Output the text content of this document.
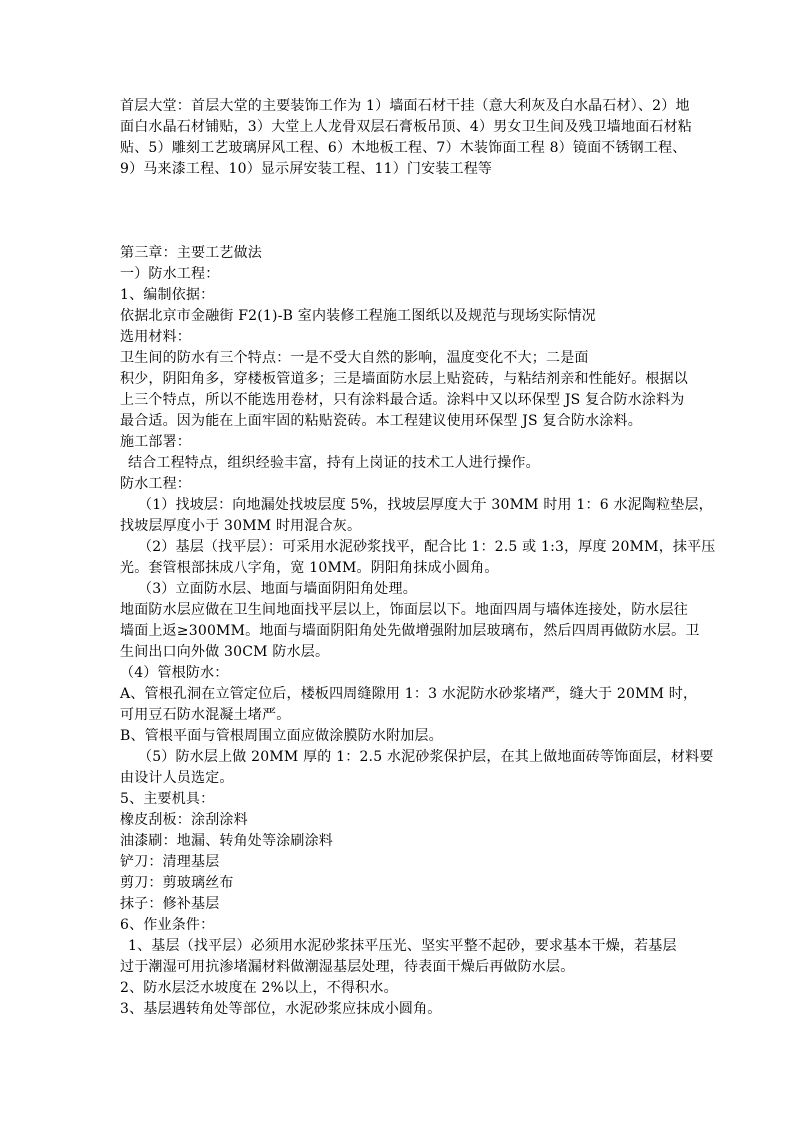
首层大堂：首层大堂的主要装饰工作为 1）墙面石材干挂（意大利灰及白水晶石材）、2）地
面白水晶石材铺贴，3）大堂上人龙骨双层石膏板吊顶、4）男女卫生间及残卫墙地面石材粘
贴、5）雕刻工艺玻璃屏风工程、6）木地板工程、7）木装饰面工程 8）镜面不锈钢工程、
9）马来漆工程、10）显示屏安装工程、11）门安装工程等
第三章：主要工艺做法
一）防水工程：
1、编制依据：
依据北京市金融街 F2(1)-B 室内装修工程施工图纸以及规范与现场实际情况
选用材料：
卫生间的防水有三个特点：一是不受大自然的影响，温度变化不大；二是面
积少，阴阳角多，穿楼板管道多；三是墙面防水层上贴瓷砖，与粘结剂亲和性能好。根据以
上三个特点，所以不能选用卷材，只有涂料最合适。涂料中又以环保型 JS 复合防水涂料为
最合适。因为能在上面牢固的粘贴瓷砖。本工程建议使用环保型 JS 复合防水涂料。
施工部署：
结合工程特点，组织经验丰富，持有上岗证的技术工人进行操作。
防水工程：
（1）找坡层：向地漏处找坡层度 5%，找坡层厚度大于 30MM 时用 1：6 水泥陶粒垫层，
找坡层厚度小于 30MM 时用混合灰。
（2）基层（找平层）：可采用水泥砂浆找平，配合比 1：2.5 或 1:3，厚度 20MM，抹平压
光。套管根部抹成八字角，宽 10MM。阴阳角抹成小圆角。
（3）立面防水层、地面与墙面阴阳角处理。
地面防水层应做在卫生间地面找平层以上，饰面层以下。地面四周与墙体连接处，防水层往
墙面上返≥300MM。地面与墙面阴阳角处先做增强附加层玻璃布，然后四周再做防水层。卫
生间出口向外做 30CM 防水层。
（4）管根防水：
A、管根孔洞在立管定位后，楼板四周缝隙用 1：3 水泥防水砂浆堵严，缝大于 20MM 时，
可用豆石防水混凝土堵严。
B、管根平面与管根周围立面应做涂膜防水附加层。
（5）防水层上做 20MM 厚的 1：2.5 水泥砂浆保护层，在其上做地面砖等饰面层，材料要
由设计人员选定。
5、主要机具：
橡皮刮板：涂刮涂料
油漆刷：地漏、转角处等涂刷涂料
铲刀：清理基层
剪刀：剪玻璃丝布
抹子：修补基层
6、作业条件：
1、基层（找平层）必须用水泥砂浆抹平压光、坚实平整不起砂，要求基本干燥，若基层
过于潮湿可用抗渗堵漏材料做潮湿基层处理，待表面干燥后再做防水层。
2、防水层泛水坡度在 2%以上，不得积水。
3、基层遇转角处等部位，水泥砂浆应抹成小圆角。
